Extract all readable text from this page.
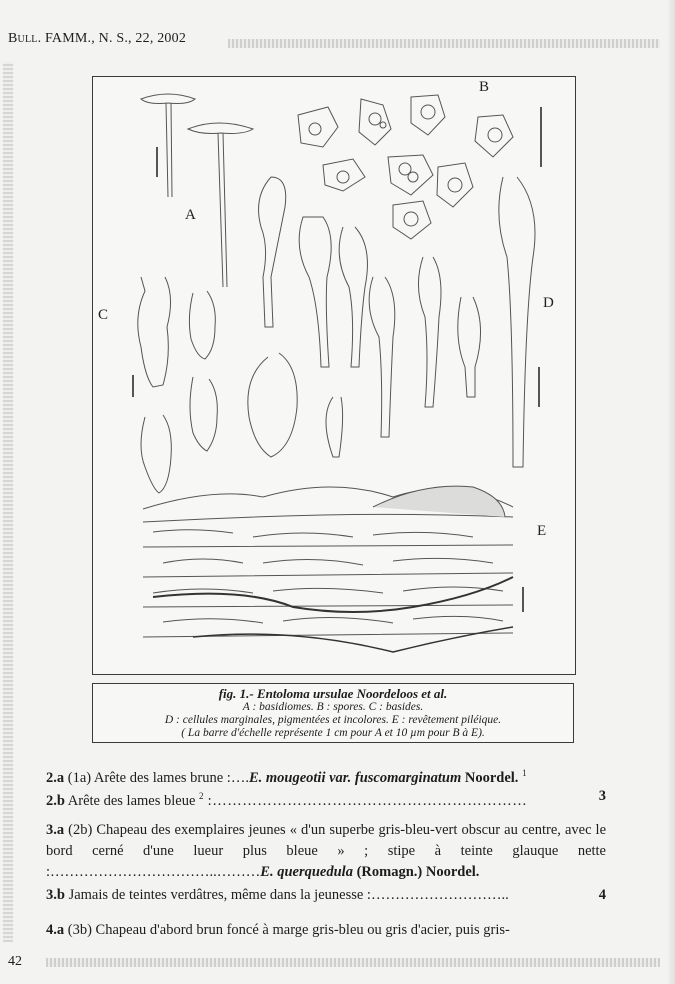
Bull. FAMM., N. S., 22, 2002
A
B
C
D
E
fig. 1.- Entoloma ursulae Noordeloos et al.
A : basidiomes. B : spores. C : basides.
D : cellules marginales, pigmentées et incolores. E : revêtement piléique.
( La barre d'échelle représente 1 cm pour A et 10 µm pour B à E).
2.a (1a) Arête des lames brune :….E. mougeotii var. fuscomarginatum Noordel. $^1$
2.b Arête des lames bleue $^2$ :………………………………………………………	3
3.a (2b) Chapeau des exemplaires jeunes « d'un superbe gris-bleu-vert obscur au centre, avec le bord cerné d'une lueur plus bleue » ; stipe à teinte glauque nette :……………………………..………E. querquedula (Romagn.) Noordel.
3.b Jamais de teintes verdâtres, même dans la jeunesse :………………………..	4
4.a (3b) Chapeau d'abord brun foncé à marge gris-bleu ou gris d'acier, puis gris-
42
